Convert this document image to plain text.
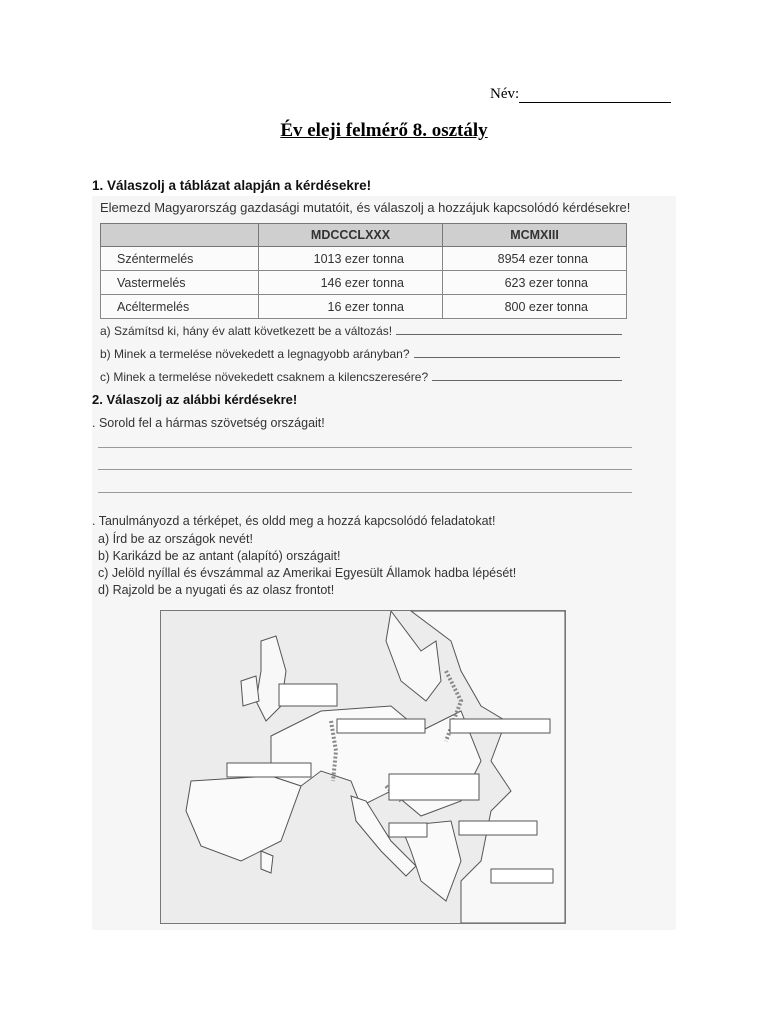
Név:
Év eleji felmérő 8. osztály
1. Válaszolj a táblázat alapján a kérdésekre!
Elemezd Magyarország gazdasági mutatóit, és válaszolj a hozzájuk kapcsolódó kérdésekre!
	MDCCCLXXX	MCMXIII
Széntermelés	1013 ezer tonna	8954 ezer tonna
Vastermelés	146 ezer tonna	623 ezer tonna
Acéltermelés	16 ezer tonna	800 ezer tonna
a) Számítsd ki, hány év alatt következett be a változás!
b) Minek a termelése növekedett a legnagyobb arányban?
c) Minek a termelése növekedett csaknem a kilencszeresére?
2. Válaszolj az alábbi kérdésekre!
. Sorold fel a hármas szövetség országait!
. Tanulmányozd a térképet, és oldd meg a hozzá kapcsolódó feladatokat!
a) Írd be az országok nevét!
b) Karikázd be az antant (alapító) országait!
c) Jelöld nyíllal és évszámmal az Amerikai Egyesült Államok hadba lépését!
d) Rajzold be a nyugati és az olasz frontot!
